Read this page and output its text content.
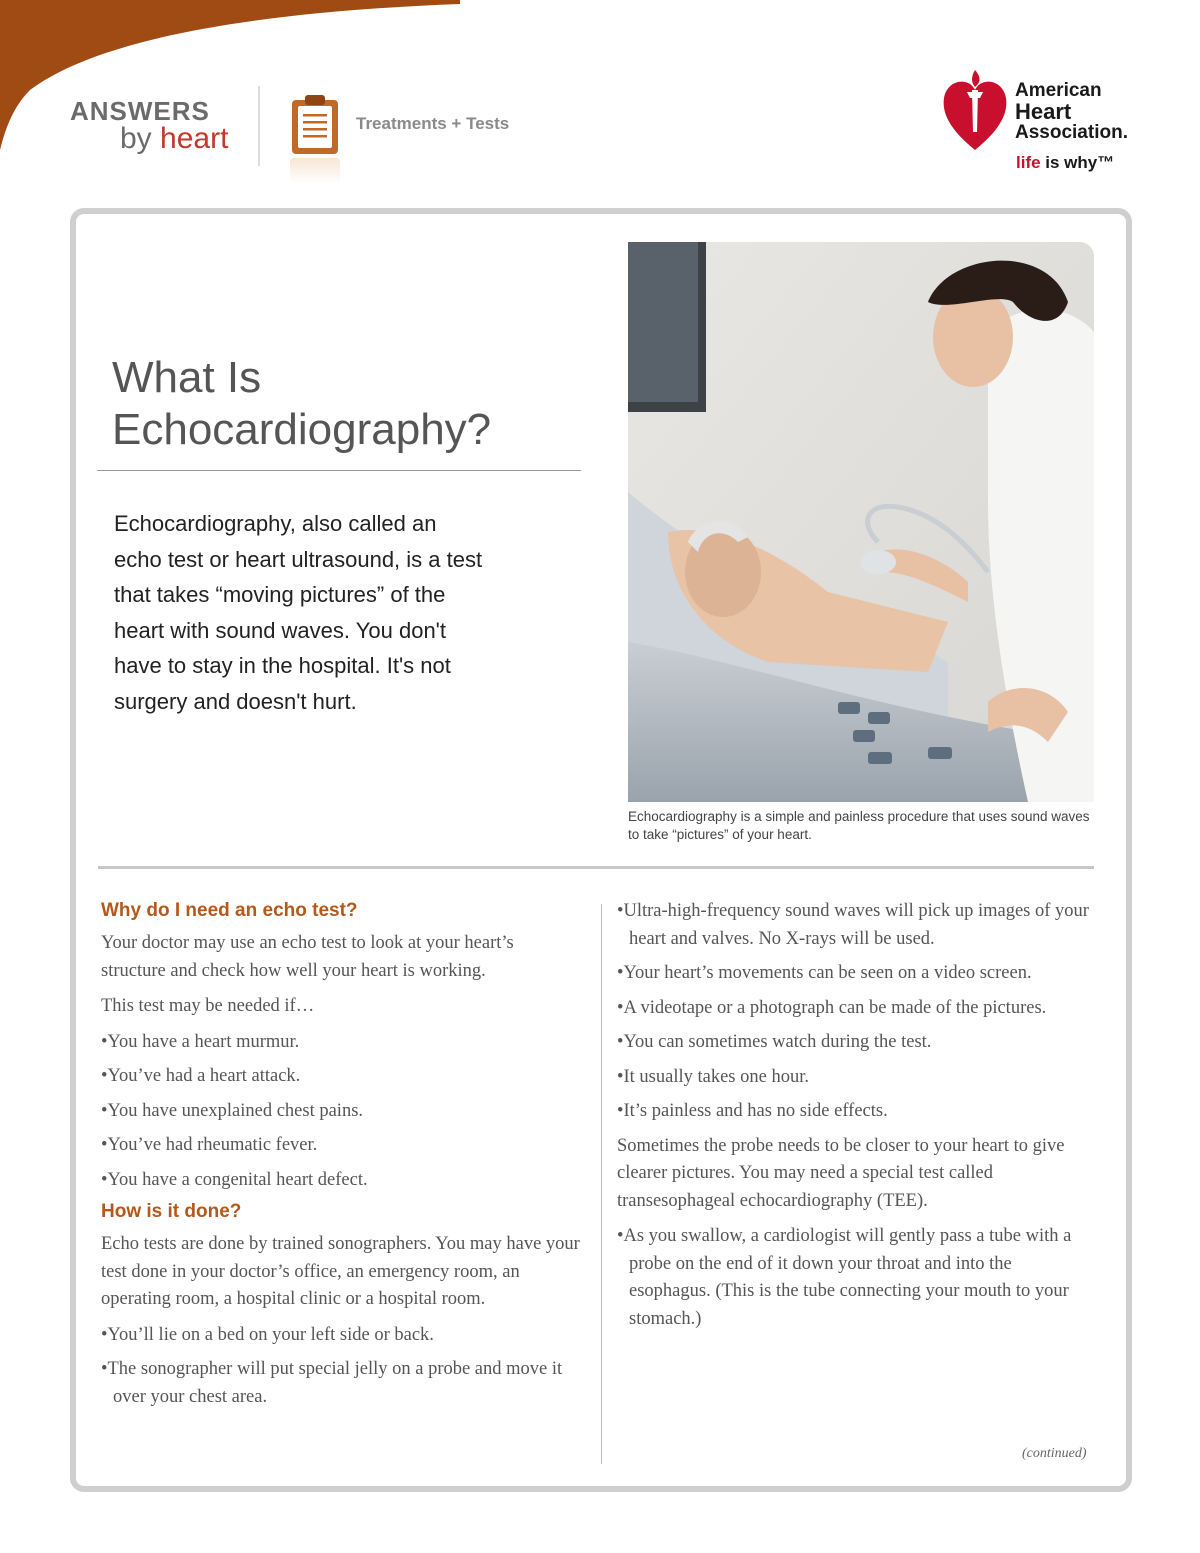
ANSWERS
by heart	Treatments + Tests
American
Heart
Association.
life is why™
What Is
Echocardiography?

Echocardiography, also called an echo test or heart ultrasound, is a test that takes “moving pictures” of the heart with sound waves. You don't have to stay in the hospital. It's not surgery and doesn't hurt.

Echocardiography is a simple and painless procedure that uses sound waves to take “pictures” of your heart.

Why do I need an echo test?

Your doctor may use an echo test to look at your heart’s structure and check how well your heart is working.

This test may be needed if…

• You have a heart murmur.
• You’ve had a heart attack.
• You have unexplained chest pains.
• You’ve had rheumatic fever.
• You have a congenital heart defect.
How is it done?

Echo tests are done by trained sonographers. You may have your test done in your doctor’s office, an emergency room, an operating room, a hospital clinic or a hospital room.

• You’ll lie on a bed on your left side or back.
• The sonographer will put special jelly on a probe and move it over your chest area.
• Ultra-high-frequency sound waves will pick up images of your heart and valves. No X-rays will be used.
• Your heart’s movements can be seen on a video screen.
• A videotape or a photograph can be made of the pictures.
• You can sometimes watch during the test.
• It usually takes one hour.
• It’s painless and has no side effects.

Sometimes the probe needs to be closer to your heart to give clearer pictures. You may need a special test called transesophageal echocardiography (TEE).

• As you swallow, a cardiologist will gently pass a tube with a probe on the end of it down your throat and into the esophagus. (This is the tube connecting your mouth to your stomach.)
(continued)
